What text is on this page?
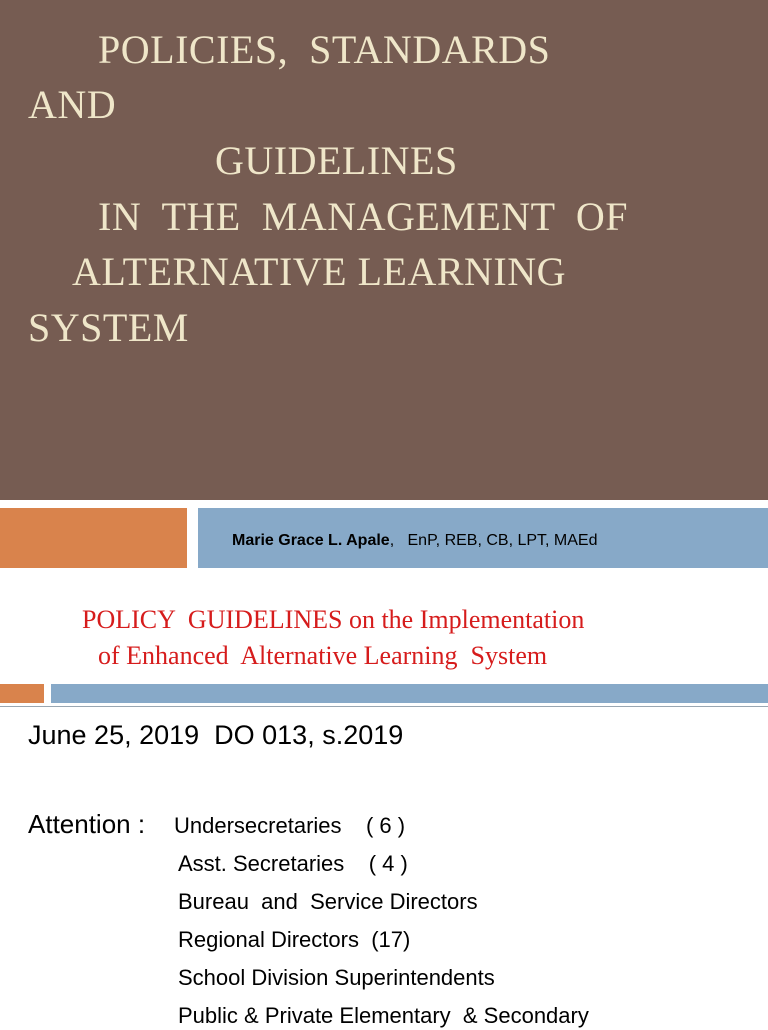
POLICIES,  STANDARDS
AND
GUIDELINES
IN  THE  MANAGEMENT  OF
ALTERNATIVE LEARNING
SYSTEM
Marie Grace L. Apale,   EnP, REB, CB, LPT, MAEd
POLICY  GUIDELINES on the Implementation
of Enhanced  Alternative Learning  System
June 25, 2019  DO 013, s.2019
Attention : Undersecretaries    ( 6 )
Asst. Secretaries    ( 4 )
Bureau  and  Service Directors
Regional Directors  (17)
School Division Superintendents
Public & Private Elementary  & Secondary
